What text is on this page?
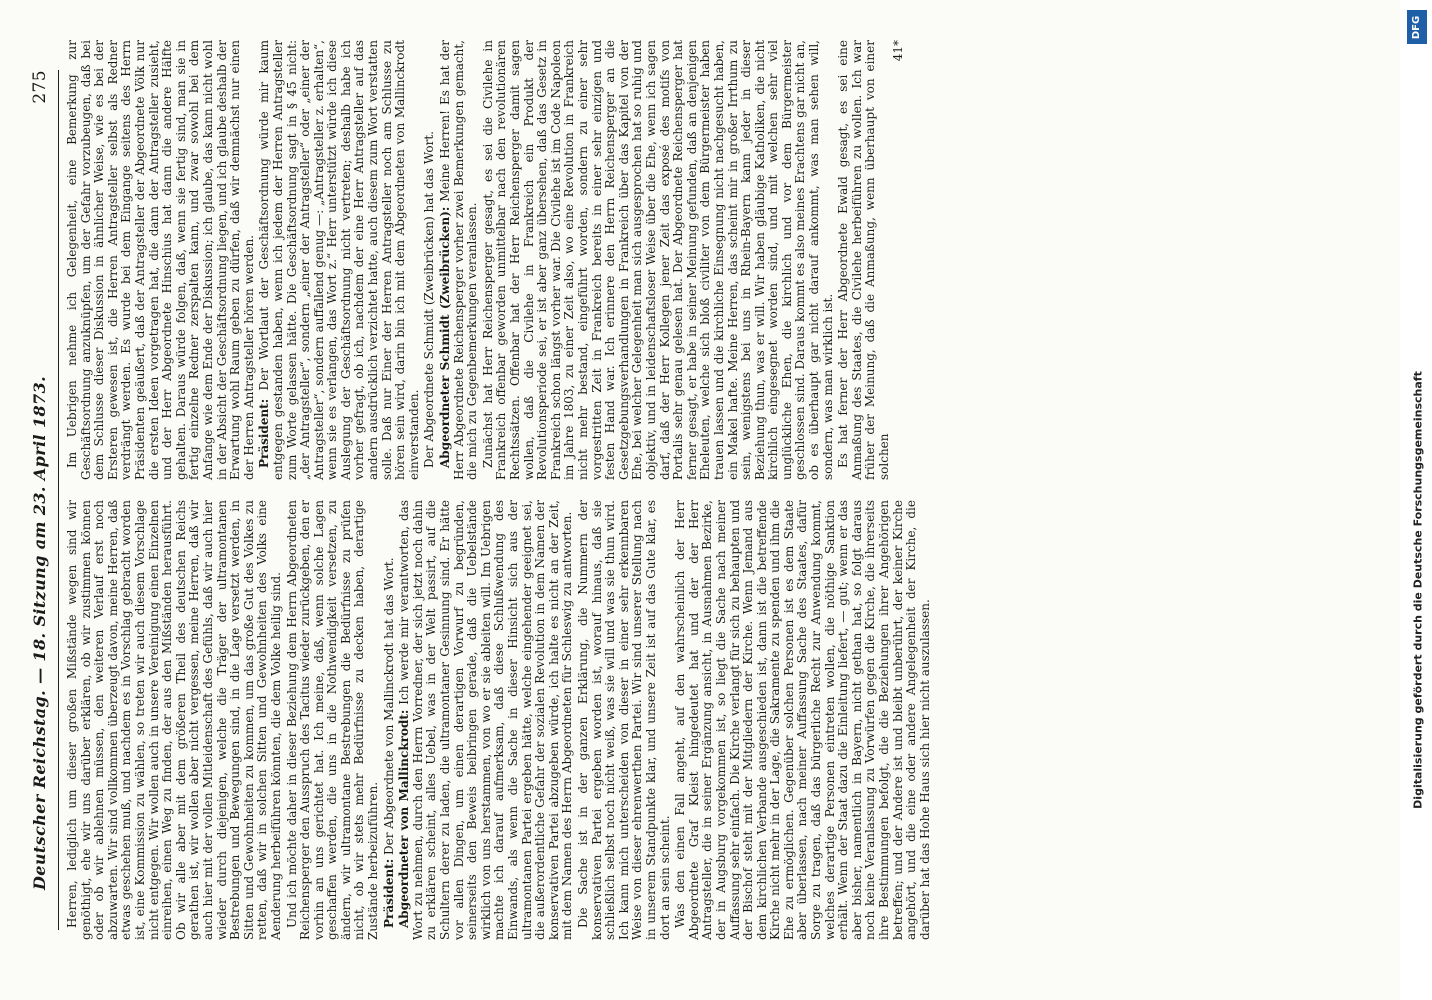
Deutscher Reichstag. — 18. Sitzung am 23. April 1873.
275

Herren, lediglich um dieser großen Mißstände wegen sind wir genöthigt, ehe wir uns darüber erklären, ob wir zustimmen können oder ob wir ablehnen müssen, den weiteren Verlauf erst noch abzuwarten. Wir sind vollkommen überzeugt davon, meine Herren, daß etwas geschehen muß, und nachdem es in Vorschlag gebracht worden ist, eine Kommission zu wählen, so treten wir auch diesem Vorschlage nicht entgegen. Wir wollen auch in unsere Vereinigung einen Einzelnen einreihen, einen Weg zu finden, der aus den Mißständen herausführt. Ob wir alle aber mit dem größeren Theil des deutschen Reichs gerathen ist, wir wollen aber nicht vergessen, meine Herren, daß wir auch hier mit der vollen Mitleidenschaft des Gefühls, daß wir auch hier wieder durch diejenigen, welche die Träger der ultramontanen Bestrebungen und Bewegungen sind, in die Lage versetzt werden, in Sitten und Gewohnheiten zu kommen, um das große Gut des Volkes zu retten, daß wir in solchen Sitten und Gewohnheiten des Volks eine Aenderung herbeiführen könnten, die dem Volke heilig sind. Und ich möchte daher in dieser Beziehung dem Herrn Abgeordneten Reichensperger den Ausspruch des Tacitus wieder zurückgeben, den er vorhin an uns gerichtet hat. Ich meine, daß, wenn solche Lagen geschaffen werden, die uns in die Nothwendigkeit versetzen, zu ändern, wir ultramontane Bestrebungen die Bedürfnisse zu prüfen nicht, ob wir stets mehr Bedürfnisse zu decken haben, derartige Zustände herbeizuführen. Präsident: Der Abgeordnete von Mallinckrodt hat das Wort. Abgeordneter von Mallinckrodt: Ich werde mir verantworten, das Wort zu nehmen, durch den Herrn Vorredner, der sich jetzt noch dahin zu erklären scheint, alles Uebel, was in der Welt passirt, auf die Schultern derer zu laden, die ultramontaner Gesinnung sind. Er hätte vor allen Dingen, um einen derartigen Vorwurf zu begründen, seinerseits den Beweis beibringen gerade, daß die Uebelstände wirklich von uns herstammen, von wo er sie ableiten will. Im Uebrigen machte ich darauf aufmerksam, daß diese Schlußwendung des Einwands, als wenn die Sache in dieser Hinsicht sich aus der ultramontanen Partei ergeben hätte, welche eingehender geeignet sei, die außerordentliche Gefahr der sozialen Revolution in dem Namen der konservativen Partei abzugeben würde, ich halte es nicht an der Zeit, mit dem Namen des Herrn Abgeordneten für Schleswig zu antworten. Die Sache ist in der ganzen Erklärung, die Nummern der konservativen Partei ergeben worden ist, worauf hinaus, daß sie schließlich selbst noch nicht weiß, was sie will und was sie thun wird. Ich kann mich unterscheiden von dieser in einer sehr erkennbaren Weise von dieser ehrenwerthen Partei. Wir sind unserer Stellung nach in unserem Standpunkte klar, und unsere Zeit ist auf das Gute klar, es dort an sein scheint. Was den einen Fall angeht, auf den wahrscheinlich der Herr Abgeordnete Graf Kleist hingedeutet hat und der der Herr Antragsteller, die in seiner Ergänzung ansicht, in Ausnahmen Bezirke, der in Augsburg vorgekommen ist, so liegt die Sache nach meiner Auffassung sehr einfach. Die Kirche verlangt für sich zu behaupten und der Bischof steht mit der Mitgliedern der Kirche. Wenn Jemand aus dem kirchlichen Verbande ausgeschieden ist, dann ist die betreffende Kirche nicht mehr in der Lage, die Sakramente zu spenden und ihm die Ehe zu ermöglichen. Gegenüber solchen Personen ist es dem Staate aber überlassen, nach meiner Auffassung Sache des Staates, dafür Sorge zu tragen, daß das bürgerliche Recht zur Anwendung kommt, welches derartige Personen eintreten wollen, die nöthige Sanktion erhält. Wenn der Staat dazu die Einleitung liefert, — gut; wenn er das aber bisher, namentlich in Bayern, nicht gethan hat, so folgt daraus noch keine Veranlassung zu Vorwürfen gegen die Kirche, die ihrerseits ihre Bestimmungen befolgt, die die Beziehungen ihrer Angehörigen betreffen; und der Andere ist und bleibt unberührt, der keiner Kirche angehört, und die eine oder andere Angelegenheit der Kirche, die darüber hat das Hohe Haus sich hier nicht auszulassen.

Im Uebrigen nehme ich Gelegenheit, eine Bemerkung zur Geschäftsordnung anzuknüpfen, um der Gefahr vorzubeugen, daß bei dem Schlusse dieser Diskussion in ähnlicher Weise, wie es bei der Ersteren gewesen ist, die Herren Antragsteller selbst als Redner verdrängt werden. Es wurde bei dem Eingange seitens des Herrn Präsidenten geäußert, daß der Antragsteller der Abgeordnete Völk nur die ersten Ideen vorgetragen hat, die dann der Antragsteller zusieht, und der Herr Abgeordnete Hinschius hat dann die andere Hälfte gehalten. Daraus würde folgen, daß, wenn sie fertig sind, man sie in fertig einzelne Redner zerspalten kann, und zwar sowohl bei dem Anfange wie dem Ende der Diskussion; ich glaube, das kann nicht wohl in der Absicht der Geschäftsordnung liegen, und ich glaube deshalb der Erwartung wohl Raum geben zu dürfen, daß wir demnächst nur einen der Herren Antragsteller hören werden. Präsident: Der Wortlaut der Geschäftsordnung würde mir kaum entgegen gestanden haben, wenn ich jedem der Herren Antragsteller zum Worte gelassen hätte. Die Geschäftsordnung sagt in § 45 nicht: „der Antragsteller“, sondern „einer der Antragsteller“ oder „einer der Antragsteller“, sondern auffallend genug —: „Antragsteller z. erhalten“, wenn sie es verlangen, das Wort z.“ Herr unterstützt würde ich diese Auslegung der Geschäftsordnung nicht vertreten; deshalb habe ich vorher gefragt, ob ich, nachdem der eine Herr Antragsteller auf das andern ausdrücklich verzichtet hatte, auch diesem zum Wort verstatten solle. Daß nur Einer der Herren Antragsteller noch am Schlusse zu hören sein wird, darin bin ich mit dem Abgeordneten von Mallinckrodt einverstanden. Der Abgeordnete Schmidt (Zweibrücken) hat das Wort. Abgeordneter Schmidt (Zweibrücken): Meine Herren! Es hat der Herr Abgeordnete Reichensperger vorher zwei Bemerkungen gemacht, die mich zu Gegenbemerkungen veranlassen. Zunächst hat Herr Reichensperger gesagt, es sei die Civilehe in Frankreich offenbar geworden unmittelbar nach den revolutionären Rechtssätzen. Offenbar hat der Herr Reichensperger damit sagen wollen, daß die Civilehe in Frankreich ein Produkt der Revolutionsperiode sei, er ist aber ganz übersehen, daß das Gesetz in Frankreich schon längst vorher war. Die Civilehe ist im Code Napoleon im Jahre 1803, zu einer Zeit also, wo eine Revolution in Frankreich nicht mehr bestand, eingeführt worden, sondern zu einer sehr vorgestritten Zeit in Frankreich bereits in einer sehr einzigen und festen Hand war. Ich erinnere den Herrn Reichensperger an die Gesetzgebungsverhandlungen in Frankreich über das Kapitel von der Ehe, bei welcher Gelegenheit man sich ausgesprochen hat so ruhig und objektiv, und in leidenschaftsloser Weise über die Ehe, wenn ich sagen darf, daß der Herr Kollegen jener Zeit das exposé des motifs von Portalis sehr genau gelesen hat. Der Abgeordnete Reichensperger hat ferner gesagt, er habe in seiner Meinung gefunden, daß an denjenigen Eheleuten, welche sich bloß civiliter von dem Bürgermeister haben trauen lassen und die kirchliche Einsegnung nicht nachgesucht haben, ein Makel hafte. Meine Herren, das scheint mir in großer Irrthum zu sein, wenigstens bei uns in Rhein-Bayern kann jeder in dieser Beziehung thun, was er will. Wir haben gläubige Katholiken, die nicht kirchlich eingesegnet worden sind, und mit welchen sehr viel unglückliche Ehen, die kirchlich und vor dem Bürgermeister geschlossen sind. Daraus kommt es also meines Erachtens gar nicht an, ob es überhaupt gar nicht darauf ankommt, was man sehen will, sondern, was man wirklich ist. Es hat ferner der Herr Abgeordnete Ewald gesagt, es sei eine Anmaßung des Staates, die Civilehe herbeiführen zu wollen. Ich war früher der Meinung, daß die Anmaßung, wenn überhaupt von einer solchen

41*
DFG
Digitalisierung gefördert durch die Deutsche Forschungsgemeinschaft
